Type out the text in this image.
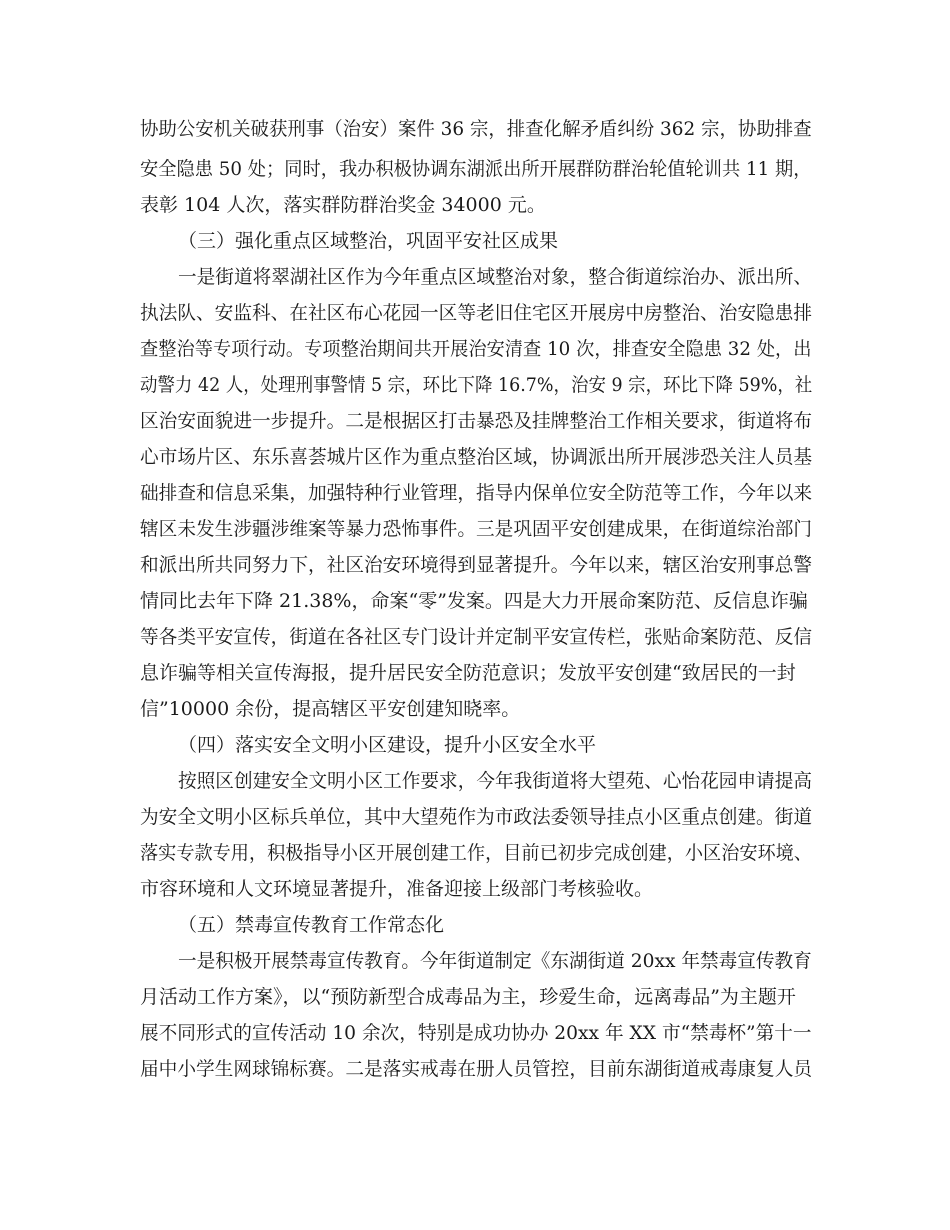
协助公安机关破获刑事（治安）案件 36 宗，排查化解矛盾纠纷 362 宗，协助排查

安全隐患 50 处；同时，我办积极协调东湖派出所开展群防群治轮值轮训共 11 期，

表彰 104 人次，落实群防群治奖金 34000 元。

（三）强化重点区域整治，巩固平安社区成果

一是街道将翠湖社区作为今年重点区域整治对象，整合街道综治办、派出所、

执法队、安监科、在社区布心花园一区等老旧住宅区开展房中房整治、治安隐患排

查整治等专项行动。专项整治期间共开展治安清查 10 次，排查安全隐患 32 处，出

动警力 42 人，处理刑事警情 5 宗，环比下降 16.7%，治安 9 宗，环比下降 59%，社

区治安面貌进一步提升。二是根据区打击暴恐及挂牌整治工作相关要求，街道将布

心市场片区、东乐喜荟城片区作为重点整治区域，协调派出所开展涉恐关注人员基

础排查和信息采集，加强特种行业管理，指导内保单位安全防范等工作，今年以来

辖区未发生涉疆涉维案等暴力恐怖事件。三是巩固平安创建成果，在街道综治部门

和派出所共同努力下，社区治安环境得到显著提升。今年以来，辖区治安刑事总警

情同比去年下降 21.38%，命案“零”发案。四是大力开展命案防范、反信息诈骗

等各类平安宣传，街道在各社区专门设计并定制平安宣传栏，张贴命案防范、反信

息诈骗等相关宣传海报，提升居民安全防范意识；发放平安创建“致居民的一封

信”10000 余份，提高辖区平安创建知晓率。

（四）落实安全文明小区建设，提升小区安全水平

按照区创建安全文明小区工作要求，今年我街道将大望苑、心怡花园申请提高

为安全文明小区标兵单位，其中大望苑作为市政法委领导挂点小区重点创建。街道

落实专款专用，积极指导小区开展创建工作，目前已初步完成创建，小区治安环境、

市容环境和人文环境显著提升，准备迎接上级部门考核验收。

（五）禁毒宣传教育工作常态化

一是积极开展禁毒宣传教育。今年街道制定《东湖街道 20xx 年禁毒宣传教育

月活动工作方案》，以“预防新型合成毒品为主，珍爱生命，远离毒品”为主题开

展不同形式的宣传活动 10 余次，特别是成功协办 20xx 年 XX 市“禁毒杯”第十一

届中小学生网球锦标赛。二是落实戒毒在册人员管控，目前东湖街道戒毒康复人员
